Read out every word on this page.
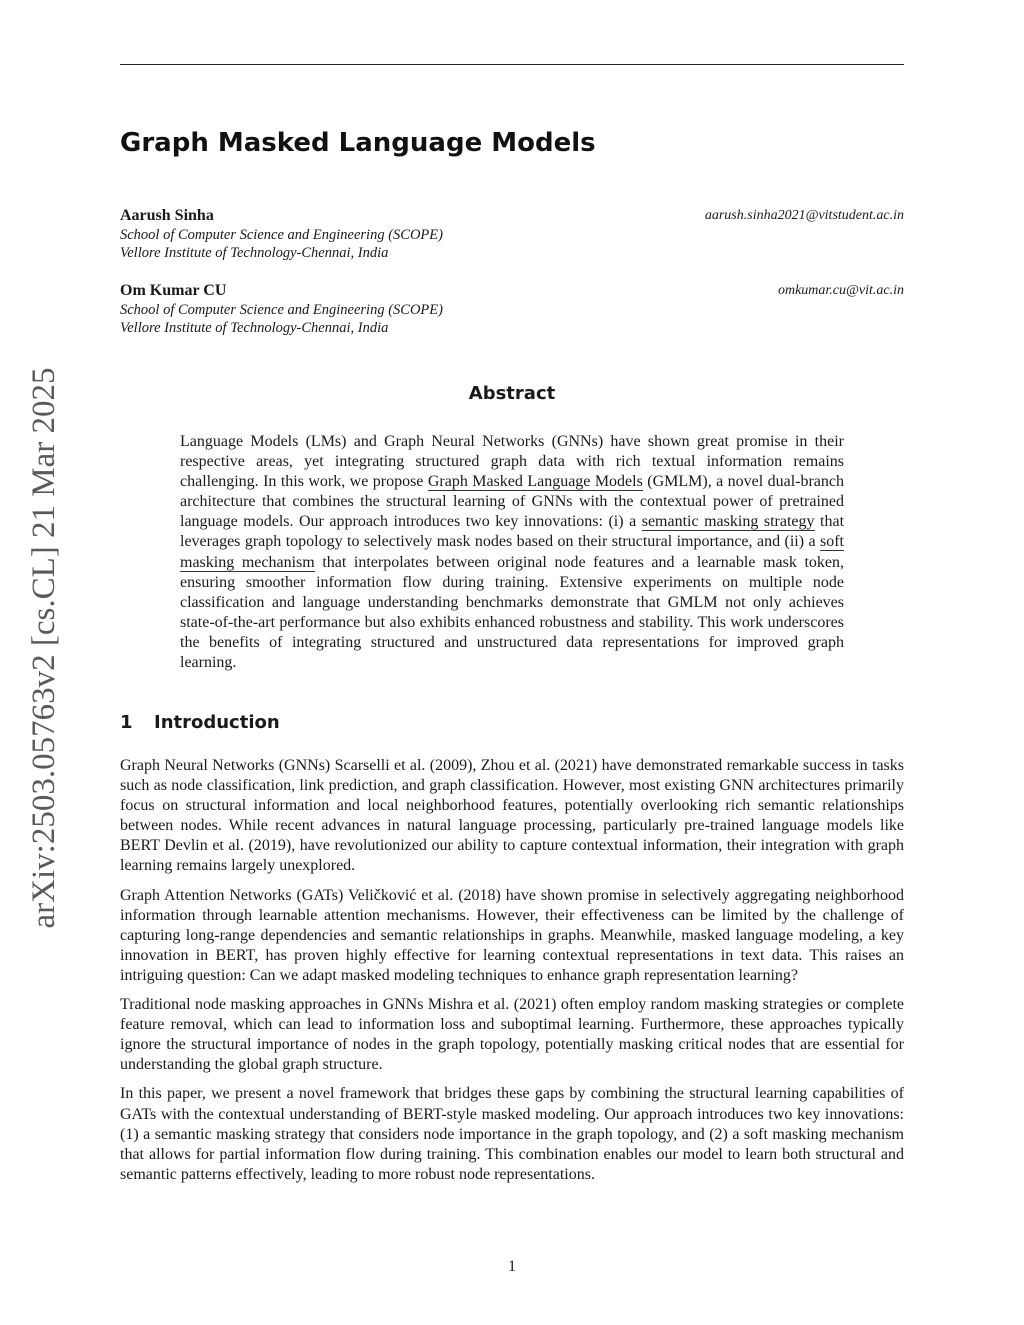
arXiv:2503.05763v2 [cs.CL] 21 Mar 2025
Graph Masked Language Models
Aarush Sinha	aarush.sinha2021@vitstudent.ac.in
School of Computer Science and Engineering (SCOPE)
Vellore Institute of Technology-Chennai, India
Om Kumar CU	omkumar.cu@vit.ac.in
School of Computer Science and Engineering (SCOPE)
Vellore Institute of Technology-Chennai, India
Abstract
Language Models (LMs) and Graph Neural Networks (GNNs) have shown great promise in their respective areas, yet integrating structured graph data with rich textual information remains challenging. In this work, we propose Graph Masked Language Models (GMLM), a novel dual-branch architecture that combines the structural learning of GNNs with the contextual power of pretrained language models. Our approach introduces two key innovations: (i) a semantic masking strategy that leverages graph topology to selectively mask nodes based on their structural importance, and (ii) a soft masking mechanism that interpolates between original node features and a learnable mask token, ensuring smoother information flow during training. Extensive experiments on multiple node classification and language understanding benchmarks demonstrate that GMLM not only achieves state-of-the-art performance but also exhibits enhanced robustness and stability. This work underscores the benefits of integrating structured and unstructured data representations for improved graph learning.
1 Introduction

Graph Neural Networks (GNNs) Scarselli et al. (2009), Zhou et al. (2021) have demonstrated remarkable success in tasks such as node classification, link prediction, and graph classification. However, most existing GNN architectures primarily focus on structural information and local neighborhood features, potentially overlooking rich semantic relationships between nodes. While recent advances in natural language processing, particularly pre-trained language models like BERT Devlin et al. (2019), have revolutionized our ability to capture contextual information, their integration with graph learning remains largely unexplored.

Graph Attention Networks (GATs) Veličković et al. (2018) have shown promise in selectively aggregating neighborhood information through learnable attention mechanisms. However, their effectiveness can be limited by the challenge of capturing long-range dependencies and semantic relationships in graphs. Meanwhile, masked language modeling, a key innovation in BERT, has proven highly effective for learning contextual representations in text data. This raises an intriguing question: Can we adapt masked modeling techniques to enhance graph representation learning?

Traditional node masking approaches in GNNs Mishra et al. (2021) often employ random masking strategies or complete feature removal, which can lead to information loss and suboptimal learning. Furthermore, these approaches typically ignore the structural importance of nodes in the graph topology, potentially masking critical nodes that are essential for understanding the global graph structure.

In this paper, we present a novel framework that bridges these gaps by combining the structural learning capabilities of GATs with the contextual understanding of BERT-style masked modeling. Our approach introduces two key innovations: (1) a semantic masking strategy that considers node importance in the graph topology, and (2) a soft masking mechanism that allows for partial information flow during training. This combination enables our model to learn both structural and semantic patterns effectively, leading to more robust node representations.

1
